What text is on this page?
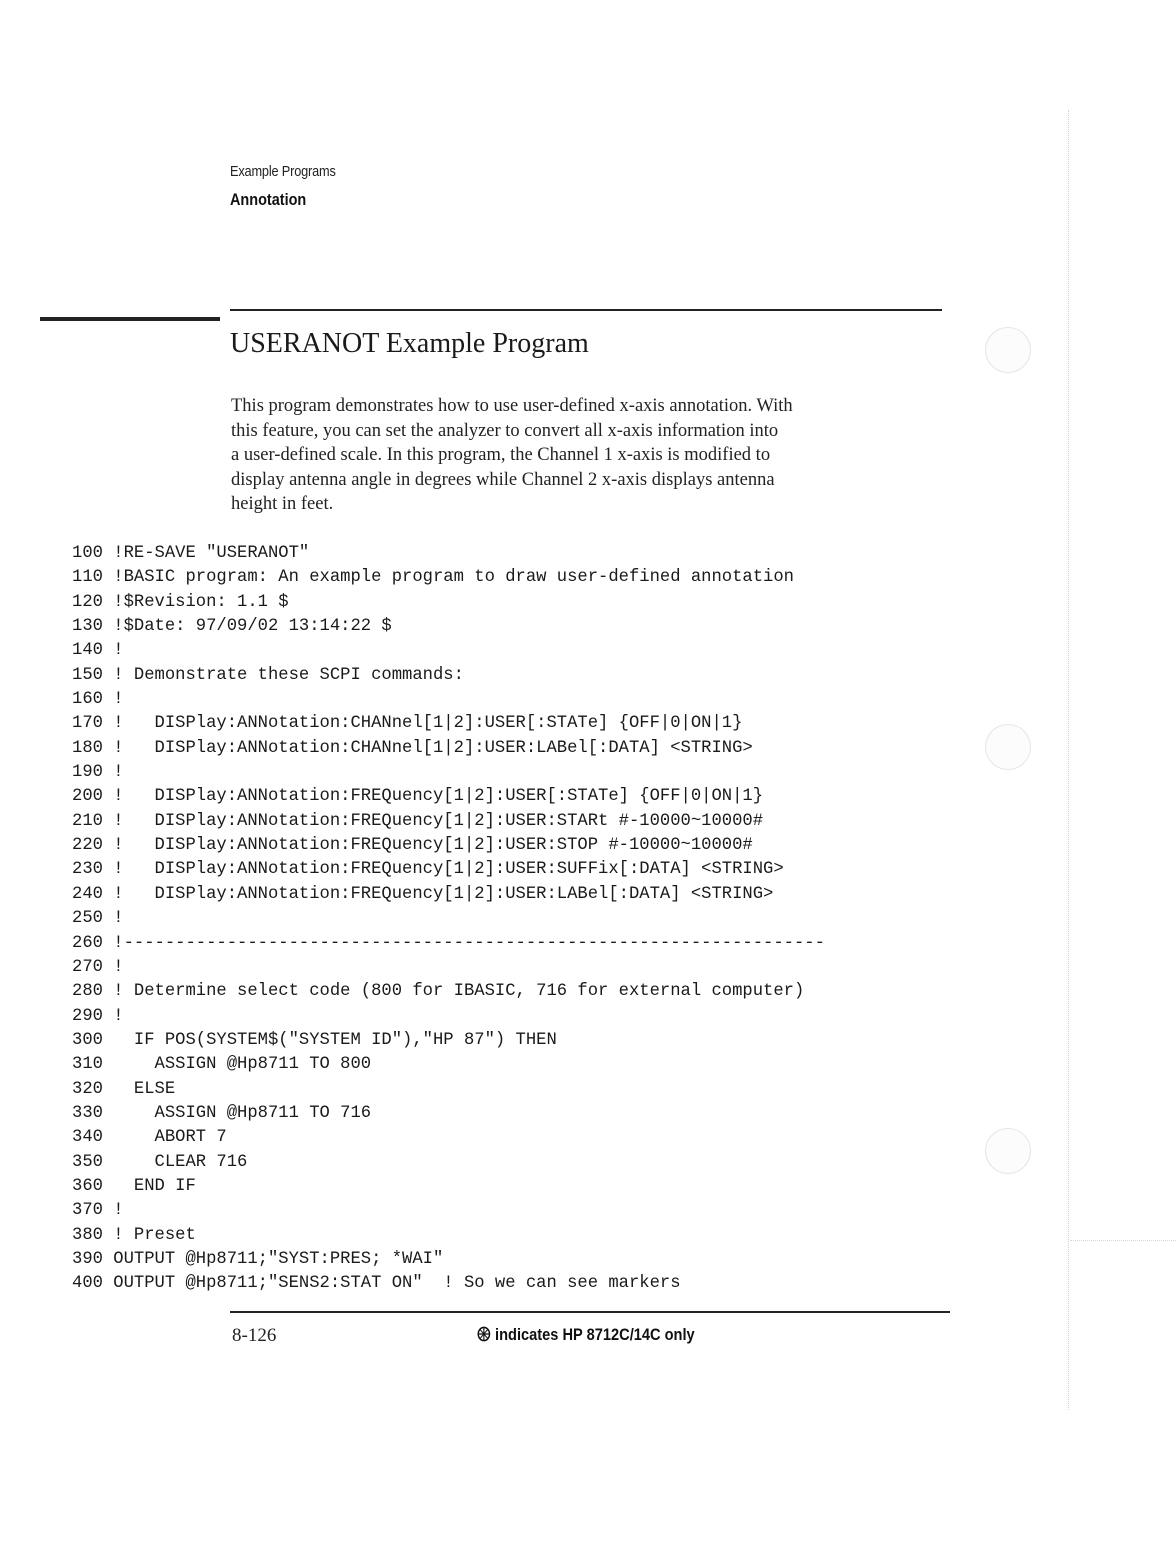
Example Programs
Annotation
USERANOT Example Program
This program demonstrates how to use user-defined x-axis annotation. With
this feature, you can set the analyzer to convert all x-axis information into
a user-defined scale. In this program, the Channel 1 x-axis is modified to
display antenna angle in degrees while Channel 2 x-axis displays antenna
height in feet.
100 !RE-SAVE "USERANOT"
110 !BASIC program: An example program to draw user-defined annotation
120 !$Revision: 1.1 $
130 !$Date: 97/09/02 13:14:22 $
140 !
150 ! Demonstrate these SCPI commands:
160 !
170 !   DISPlay:ANNotation:CHANnel[1|2]:USER[:STATe] {OFF|0|ON|1}
180 !   DISPlay:ANNotation:CHANnel[1|2]:USER:LABel[:DATA] <STRING>
190 !
200 !   DISPlay:ANNotation:FREQuency[1|2]:USER[:STATe] {OFF|0|ON|1}
210 !   DISPlay:ANNotation:FREQuency[1|2]:USER:STARt #-10000~10000#
220 !   DISPlay:ANNotation:FREQuency[1|2]:USER:STOP #-10000~10000#
230 !   DISPlay:ANNotation:FREQuency[1|2]:USER:SUFFix[:DATA] <STRING>
240 !   DISPlay:ANNotation:FREQuency[1|2]:USER:LABel[:DATA] <STRING>
250 !
260 !--------------------------------------------------------------------
270 !
280 ! Determine select code (800 for IBASIC, 716 for external computer)
290 !
300   IF POS(SYSTEM$("SYSTEM ID"),"HP 87") THEN
310     ASSIGN @Hp8711 TO 800
320   ELSE
330     ASSIGN @Hp8711 TO 716
340     ABORT 7
350     CLEAR 716
360   END IF
370 !
380 ! Preset
390 OUTPUT @Hp8711;"SYST:PRES; *WAI"
400 OUTPUT @Hp8711;"SENS2:STAT ON"  ! So we can see markers
8-126	indicates HP 8712C/14C only
